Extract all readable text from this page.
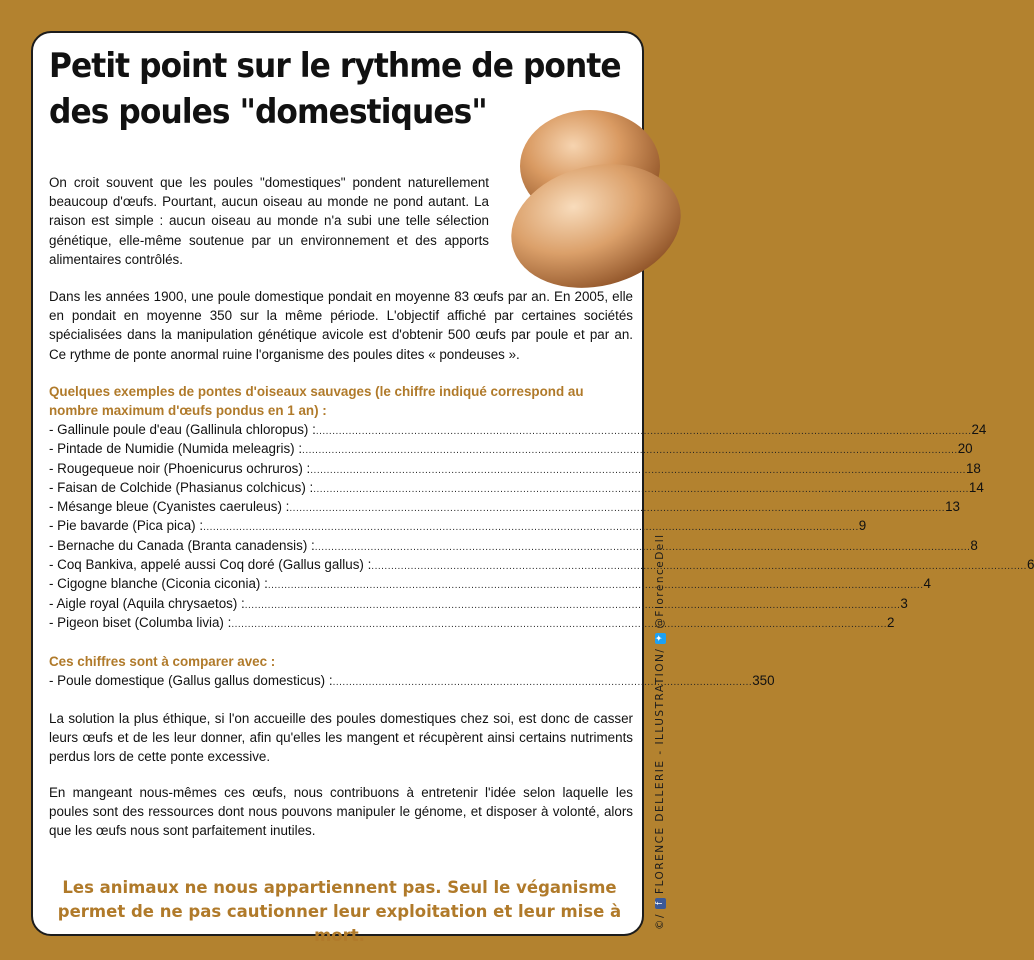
Petit point sur le rythme de ponte
des poules "domestiques"

On croit souvent que les poules "domestiques" pondent naturellement beaucoup d'œufs. Pourtant, aucun oiseau au monde ne pond autant. La raison est simple : aucun oiseau au monde n'a subi une telle sélection génétique, elle-même soutenue par un environnement et des apports alimentaires contrôlés.

Dans les années 1900, une poule domestique pondait en moyenne 83 œufs par an. En 2005, elle en pondait en moyenne 350 sur la même période. L'objectif affiché par certaines sociétés spécialisées dans la manipulation génétique avicole est d'obtenir 500 œufs par poule et par an. Ce rythme de ponte anormal ruine l'organisme des poules dites « pondeuses ».

Quelques exemples de pontes d'oiseaux sauvages (le chiffre indiqué correspond au nombre maximum d'œufs pondus en 1 an) :

- Gallinule poule d'eau (Gallinula chloropus) : ........................................................................................................................................................................................................ 24
- Pintade de Numidie (Numida meleagris) : ........................................................................................................................................................................................................ 20
- Rougequeue noir (Phoenicurus ochruros) : ........................................................................................................................................................................................................ 18
- Faisan de Colchide (Phasianus colchicus) : ........................................................................................................................................................................................................ 14
- Mésange bleue (Cyanistes caeruleus) : ........................................................................................................................................................................................................ 13
- Pie bavarde (Pica pica) : ........................................................................................................................................................................................................ 9
- Bernache du Canada (Branta canadensis) : ........................................................................................................................................................................................................ 8
- Coq Bankiva, appelé aussi Coq doré (Gallus gallus) : ........................................................................................................................................................................................................ 6
- Cigogne blanche (Ciconia ciconia) : ........................................................................................................................................................................................................ 4
- Aigle royal (Aquila chrysaetos) : ........................................................................................................................................................................................................ 3
- Pigeon biset (Columba livia) : ........................................................................................................................................................................................................ 2

Ces chiffres sont à comparer avec :

- Poule domestique (Gallus gallus domesticus) : ................................................................................................................................ 350

La solution la plus éthique, si l'on accueille des poules domestiques chez soi, est donc de casser leurs œufs et de les leur donner, afin qu'elles les mangent et récupèrent ainsi certains nutriments perdus lors de cette ponte excessive.

En mangeant nous-mêmes ces œufs, nous contribuons à entretenir l'idée selon laquelle les poules sont des ressources dont nous pouvons manipuler le génome, et disposer à volonté, alors que les œufs nous sont parfaitement inutiles.

Les animaux ne nous appartiennent pas. Seul le véganisme
permet de ne pas cautionner leur exploitation et leur mise à mort.
©/
f
FLORENCE DELLERIE - ILLUSTRATION/
✦
@FlorenceDell
